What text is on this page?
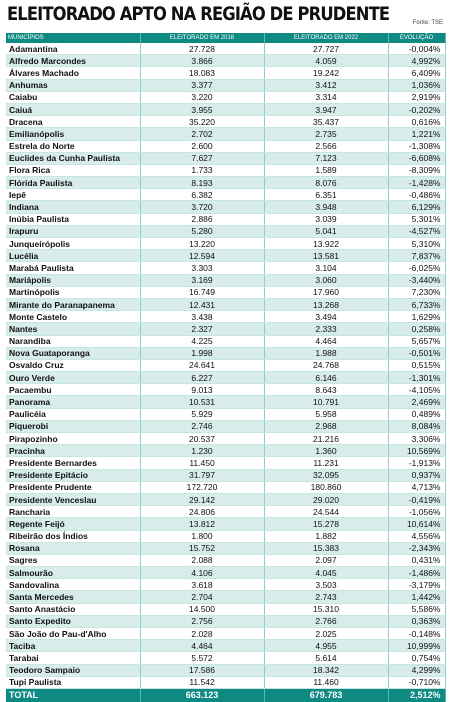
ELEITORADO APTO NA REGIÃO DE PRUDENTE	Fonte: TSE
MUNICÍPIOS	ELEITORADO EM 2018	ELEITORADO EM 2022	EVOLUÇÃO
Adamantina	27.728	27.727	-0,004%
Alfredo Marcondes	3.866	4.059	4,992%
Álvares Machado	18.083	19.242	6,409%
Anhumas	3.377	3.412	1,036%
Caiabu	3.220	3.314	2,919%
Caiuá	3.955	3.947	-0,202%
Dracena	35.220	35.437	0,616%
Emilianópolis	2.702	2.735	1,221%
Estrela do Norte	2.600	2.566	-1,308%
Euclides da Cunha Paulista	7.627	7.123	-6,608%
Flora Rica	1.733	1.589	-8,309%
Flórida Paulista	8.193	8.076	-1,428%
Iepê	6.382	6.351	-0,486%
Indiana	3.720	3.948	6,129%
Inúbia Paulista	2.886	3.039	5,301%
Irapuru	5.280	5.041	-4,527%
Junqueirópolis	13.220	13.922	5,310%
Lucélia	12.594	13.581	7,837%
Marabá Paulista	3.303	3.104	-6,025%
Mariápolis	3.169	3.060	-3,440%
Martinópolis	16.749	17.960	7,230%
Mirante do Paranapanema	12.431	13.268	6,733%
Monte Castelo	3.438	3.494	1,629%
Nantes	2.327	2.333	0,258%
Narandiba	4.225	4.464	5,657%
Nova Guataporanga	1.998	1.988	-0,501%
Osvaldo Cruz	24.641	24.768	0,515%
Ouro Verde	6.227	6.146	-1,301%
Pacaembu	9.013	8.643	-4,105%
Panorama	10.531	10.791	2,469%
Paulicéia	5.929	5.958	0,489%
Piquerobi	2.746	2.968	8,084%
Pirapozinho	20.537	21.216	3,306%
Pracinha	1.230	1.360	10,569%
Presidente Bernardes	11.450	11.231	-1,913%
Presidente Epitácio	31.797	32.095	0,937%
Presidente Prudente	172.720	180.860	4,713%
Presidente Venceslau	29.142	29.020	-0,419%
Rancharia	24.806	24.544	-1,056%
Regente Feijó	13.812	15.278	10,614%
Ribeirão dos Índios	1.800	1.882	4,556%
Rosana	15.752	15.383	-2,343%
Sagres	2.088	2.097	0,431%
Salmourão	4.106	4.045	-1,486%
Sandovalina	3.618	3.503	-3,179%
Santa Mercedes	2.704	2.743	1,442%
Santo Anastácio	14.500	15.310	5,586%
Santo Expedito	2.756	2.766	0,363%
São João do Pau-d'Alho	2.028	2.025	-0,148%
Taciba	4.464	4.955	10,999%
Tarabai	5.572	5.614	0,754%
Teodoro Sampaio	17.586	18.342	4,299%
Tupi Paulista	11.542	11.460	-0,710%
TOTAL	663.123	679.783	2,512%
